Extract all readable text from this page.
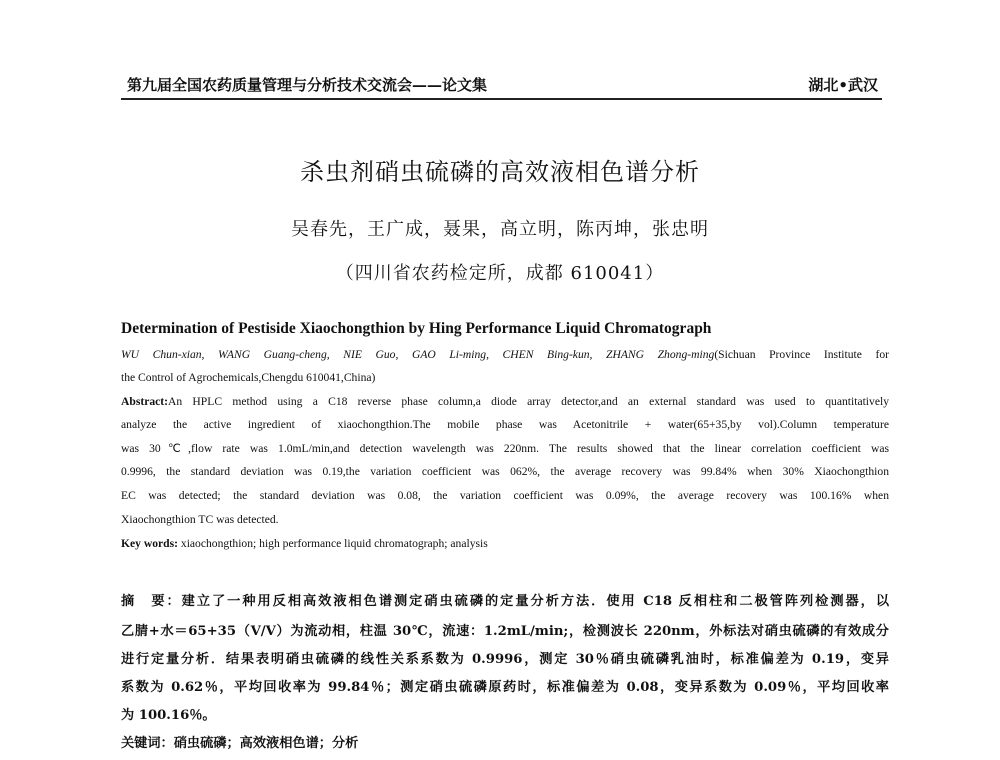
第九届全国农药质量管理与分析技术交流会——论文集	湖北•武汉
杀虫剂硝虫硫磷的高效液相色谱分析
吴春先，王广成，聂果，高立明，陈丙坤，张忠明
（四川省农药检定所，成都 610041）
Determination of Pestiside Xiaochongthion by Hing Performance Liquid Chromatograph
WU Chun-xian, WANG Guang-cheng, NIE Guo, GAO Li-ming, CHEN Bing-kun, ZHANG Zhong-ming(Sichuan Province Institute for
the Control of Agrochemicals,Chengdu 610041,China)
Abstract:An HPLC method using a C18 reverse phase column,a diode array detector,and an external standard was used to quantitatively
analyze the active ingredient of xiaochongthion.The mobile phase was Acetonitrile + water(65+35,by vol).Column temperature
was 30℃,flow rate was 1.0mL/min,and detection wavelength was 220nm. The results showed that the linear correlation coefficient was
0.9996, the standard deviation was 0.19,the variation coefficient was 062%, the average recovery was 99.84% when 30% Xiaochongthion
EC was detected; the standard deviation was 0.08, the variation coefficient was 0.09%, the average recovery was 100.16% when
Xiaochongthion TC was detected.
Key words: xiaochongthion; high performance liquid chromatograph; analysis
摘　要：建立了一种用反相高效液相色谱测定硝虫硫磷的定量分析方法．使用 C18 反相柱和二极管阵列检测器，以
乙腈+水＝65+35（V/V）为流动相，柱温 30℃，流速：1.2mL/min;，检测波长 220nm，外标法对硝虫硫磷的有效成分
进行定量分析．结果表明硝虫硫磷的线性关系系数为 0.9996，测定 30％硝虫硫磷乳油时，标准偏差为 0.19，变异
系数为 0.62％，平均回收率为 99.84％；测定硝虫硫磷原药时，标准偏差为 0.08，变异系数为 0.09％，平均回收率
为 100.16％。
关键词：硝虫硫磷；高效液相色谱；分析
